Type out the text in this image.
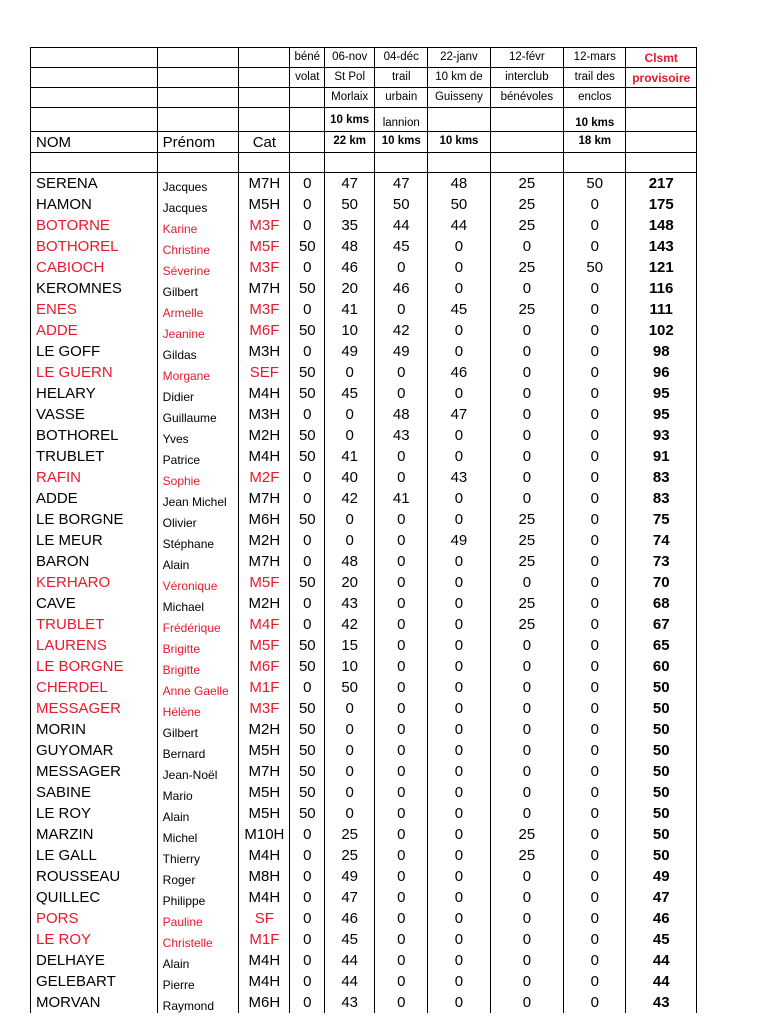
			béné	06-nov	04-déc	22-janv	12-févr	12-mars	Clsmt
			volat	St Pol	trail	10 km de	interclub	trail des	provisoire
				Morlaix	urbain	Guisseny	bénévoles	enclos	
				10 kms	lannion			10 kms	
NOM	Prénom	Cat		22 km	10 kms	10 kms		18 km	

SERENA	Jacques	M7H	0	47	47	48	25	50	217
HAMON	Jacques	M5H	0	50	50	50	25	0	175
BOTORNE	Karine	M3F	0	35	44	44	25	0	148
BOTHOREL	Christine	M5F	50	48	45	0	0	0	143
CABIOCH	Séverine	M3F	0	46	0	0	25	50	121
KEROMNES	Gilbert	M7H	50	20	46	0	0	0	116
ENES	Armelle	M3F	0	41	0	45	25	0	111
ADDE	Jeanine	M6F	50	10	42	0	0	0	102
LE GOFF	Gildas	M3H	0	49	49	0	0	0	98
LE GUERN	Morgane	SEF	50	0	0	46	0	0	96
HELARY	Didier	M4H	50	45	0	0	0	0	95
VASSE	Guillaume	M3H	0	0	48	47	0	0	95
BOTHOREL	Yves	M2H	50	0	43	0	0	0	93
TRUBLET	Patrice	M4H	50	41	0	0	0	0	91
RAFIN	Sophie	M2F	0	40	0	43	0	0	83
ADDE	Jean Michel	M7H	0	42	41	0	0	0	83
LE BORGNE	Olivier	M6H	50	0	0	0	25	0	75
LE MEUR	Stéphane	M2H	0	0	0	49	25	0	74
BARON	Alain	M7H	0	48	0	0	25	0	73
KERHARO	Véronique	M5F	50	20	0	0	0	0	70
CAVE	Michael	M2H	0	43	0	0	25	0	68
TRUBLET	Frédérique	M4F	0	42	0	0	25	0	67
LAURENS	Brigitte	M5F	50	15	0	0	0	0	65
LE BORGNE	Brigitte	M6F	50	10	0	0	0	0	60
CHERDEL	Anne Gaelle	M1F	0	50	0	0	0	0	50
MESSAGER	Hélène	M3F	50	0	0	0	0	0	50
MORIN	Gilbert	M2H	50	0	0	0	0	0	50
GUYOMAR	Bernard	M5H	50	0	0	0	0	0	50
MESSAGER	Jean-Noël	M7H	50	0	0	0	0	0	50
SABINE	Mario	M5H	50	0	0	0	0	0	50
LE ROY	Alain	M5H	50	0	0	0	0	0	50
MARZIN	Michel	M10H	0	25	0	0	25	0	50
LE GALL	Thierry	M4H	0	25	0	0	25	0	50
ROUSSEAU	Roger	M8H	0	49	0	0	0	0	49
QUILLEC	Philippe	M4H	0	47	0	0	0	0	47
PORS	Pauline	SF	0	46	0	0	0	0	46
LE ROY	Christelle	M1F	0	45	0	0	0	0	45
DELHAYE	Alain	M4H	0	44	0	0	0	0	44
GELEBART	Pierre	M4H	0	44	0	0	0	0	44
MORVAN	Raymond	M6H	0	43	0	0	0	0	43
